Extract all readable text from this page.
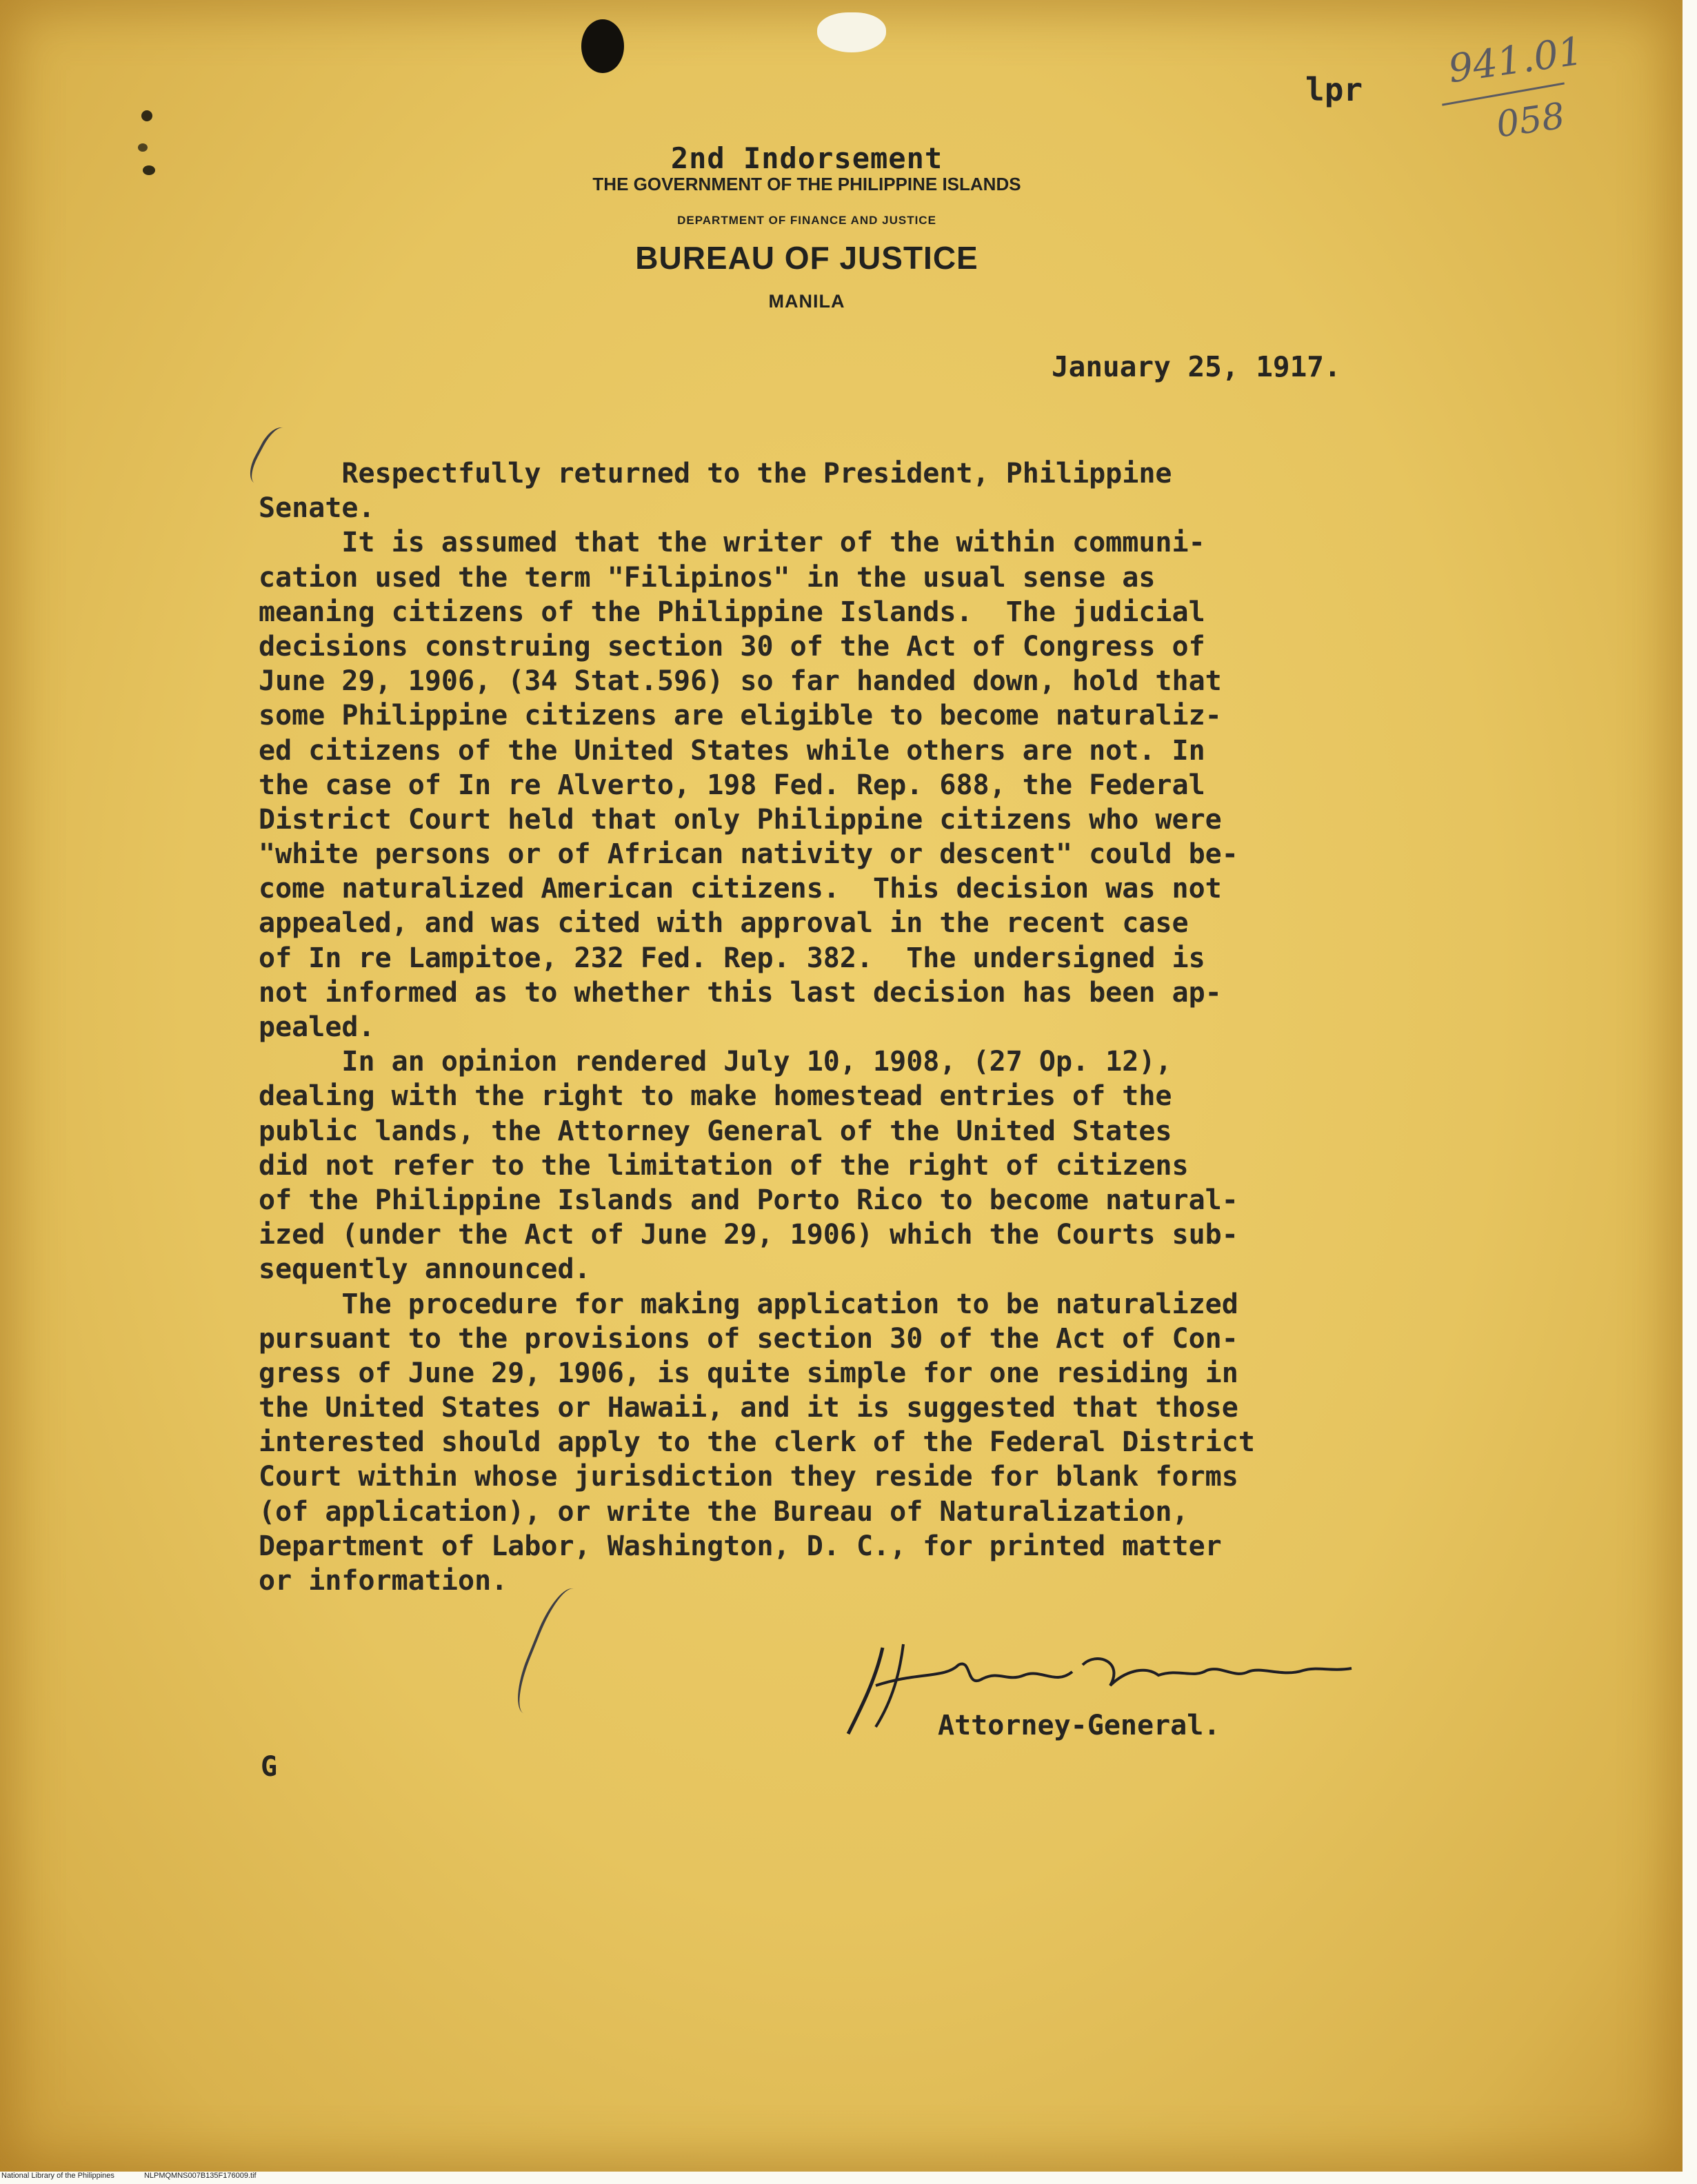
941.01
058
lpr
2nd Indorsement
THE GOVERNMENT OF THE PHILIPPINE ISLANDS
DEPARTMENT OF FINANCE AND JUSTICE
BUREAU OF JUSTICE
MANILA
January 25, 1917.
Respectfully returned to the President, Philippine
Senate.
It is assumed that the writer of the within communi-
cation used the term "Filipinos" in the usual sense as
meaning citizens of the Philippine Islands.  The judicial
decisions construing section 30 of the Act of Congress of
June 29, 1906, (34 Stat.596) so far handed down, hold that
some Philippine citizens are eligible to become naturaliz-
ed citizens of the United States while others are not. In
the case of In re Alverto, 198 Fed. Rep. 688, the Federal
District Court held that only Philippine citizens who were
"white persons or of African nativity or descent" could be-
come naturalized American citizens.  This decision was not
appealed, and was cited with approval in the recent case
of In re Lampitoe, 232 Fed. Rep. 382.  The undersigned is
not informed as to whether this last decision has been ap-
pealed.
In an opinion rendered July 10, 1908, (27 Op. 12),
dealing with the right to make homestead entries of the
public lands, the Attorney General of the United States
did not refer to the limitation of the right of citizens
of the Philippine Islands and Porto Rico to become natural-
ized (under the Act of June 29, 1906) which the Courts sub-
sequently announced.
The procedure for making application to be naturalized
pursuant to the provisions of section 30 of the Act of Con-
gress of June 29, 1906, is quite simple for one residing in
the United States or Hawaii, and it is suggested that those
interested should apply to the clerk of the Federal District
Court within whose jurisdiction they reside for blank forms
(of application), or write the Bureau of Naturalization,
Department of Labor, Washington, D. C., for printed matter
or information.
Attorney-General.
G
National Library of the Philippines	NLPMQMNS007B135F176009.tif
